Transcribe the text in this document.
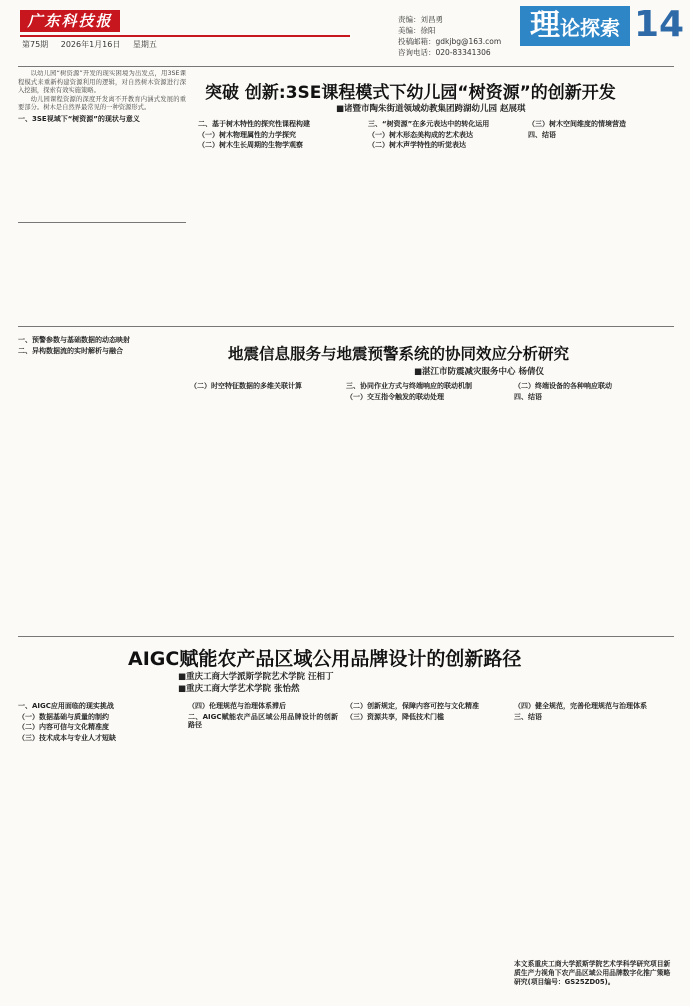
广东科技报
第75期 2026年1月16日 星期五
责编：刘昌勇
美编：徐阳
投稿邮箱：gdkjbg@163.com
咨询电话：020-83341306
理论探索 14

以幼儿园“树资源”开发的现实困境为出发点，用3SE课程模式来重新构建资源利用的逻辑，对自然树木资源进行深入挖掘，探索有效实施策略。

幼儿园课程资源的深度开发离不开教育内涵式发展的重要部分。树木是自然界最常见的一种资源形式。

一、3SE视域下“树资源”的现状与意义
突破 创新:3SE课程模式下幼儿园“树资源”的创新开发
■诸暨市陶朱街道领域幼教集团跨湖幼儿园 赵展琪
二、基于树木特性的探究性课程构建
（一）树木物理属性的力学探究
（二）树木生长周期的生物学观察
三、“树资源”在多元表达中的转化运用
（一）树木形态美构成的艺术表达
（二）树木声学特性的听觉表达
（三）树木空间维度的情境营造
四、结语
一、预警参数与基础数据的动态映射
二、异构数据流的实时解析与融合	地震信息服务与地震预警系统的协同效应分析研究
■湛江市防震减灾服务中心 杨倩仪
（二）时空特征数据的多维关联计算	三、协同作业方式与终端响应的联动机制
（一）交互指令触发的联动处理
（二）终端设备的各种响应联动
四、结语
AIGC赋能农产品区域公用品牌设计的创新路径
■重庆工商大学派斯学院艺术学院 汪相丁
■重庆工商大学艺术学院 张怡然
一、AIGC应用面临的现实挑战
（一）数据基础与质量的制约
（二）内容可信与文化精准度
（三）技术成本与专业人才短缺
（四）伦理规范与治理体系滞后
二、AIGC赋能农产品区域公用品牌设计的创新路径
（二）创新规定，保障内容可控与文化精准
（三）资源共享，降低技术门槛
（四）健全规范，完善伦理规范与治理体系
三、结语
本文系重庆工商大学派斯学院艺术学科学研究项目新质生产力视角下农产品区域公用品牌数字化推广策略研究(项目编号：GS25ZD05)。
